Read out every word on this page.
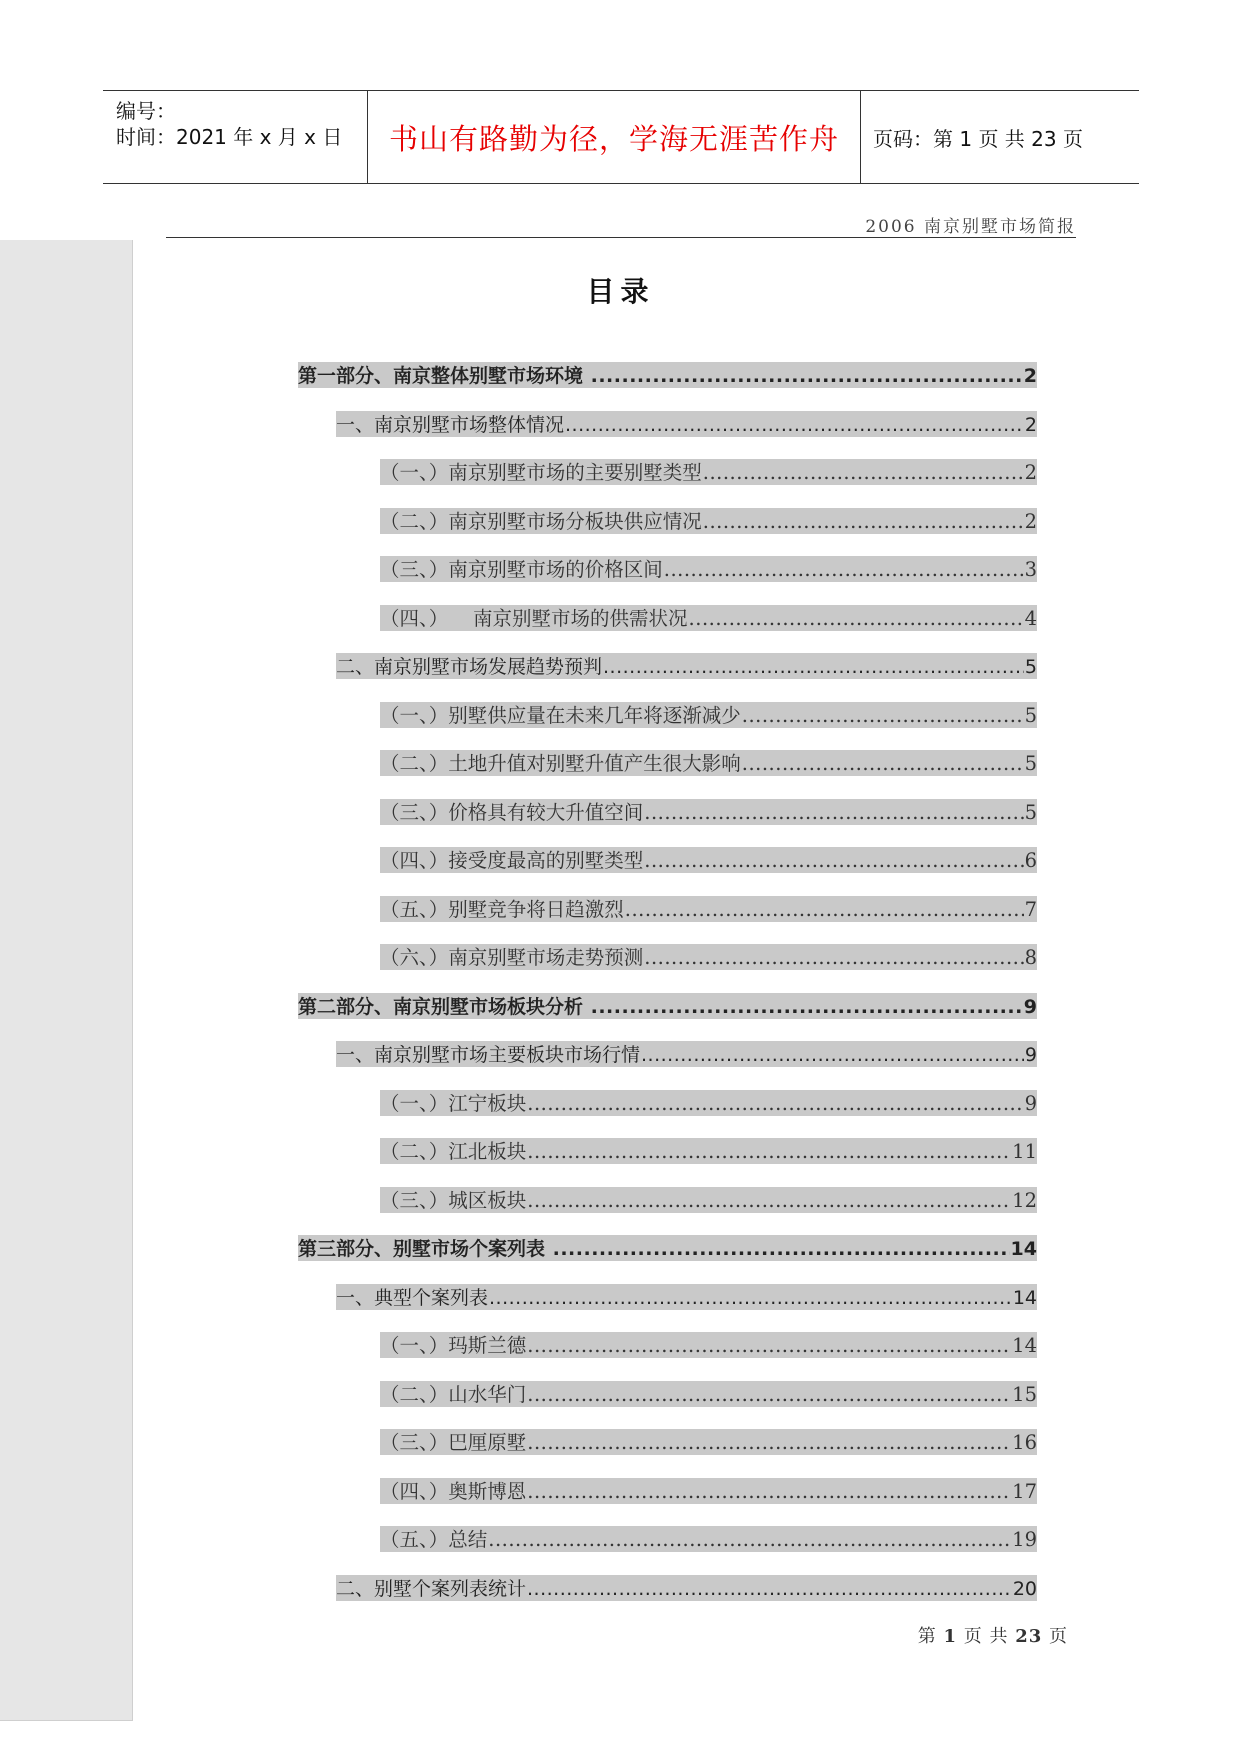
编号：
时间：2021 年 x 月 x 日 书山有路勤为径，学海无涯苦作舟 页码：第 1 页 共 23 页
2006 南京别墅市场简报
目录
第一部分、南京整体别墅市场环境 .....	2
一、南京别墅市场整体情况 .....	2
（一、）南京别墅市场的主要别墅类型 .....	2
（二、）南京别墅市场分板块供应情况 .....	2
（三、）南京别墅市场的价格区间 .....	3
（四、）    南京别墅市场的供需状况 .....	4
二、南京别墅市场发展趋势预判 .....	5
（一、）别墅供应量在未来几年将逐渐减少 .....	5
（二、）土地升值对别墅升值产生很大影响 .....	5
（三、）价格具有较大升值空间 .....	5
（四、）接受度最高的别墅类型 .....	6
（五、）别墅竞争将日趋激烈 .....	7
（六、）南京别墅市场走势预测 .....	8
第二部分、南京别墅市场板块分析 .....	9
一、南京别墅市场主要板块市场行情 .....	9
（一、）江宁板块 .....	9
（二、）江北板块 .....	11
（三、）城区板块 .....	12
第三部分、别墅市场个案列表 .....	14
一、典型个案列表 .....	14
（一、）玛斯兰德 .....	14
（二、）山水华门 .....	15
（三、）巴厘原墅 .....	16
（四、）奥斯博恩 .....	17
（五、）总结 .....	19
二、别墅个案列表统计 .....	20
第 1 页 共 23 页
